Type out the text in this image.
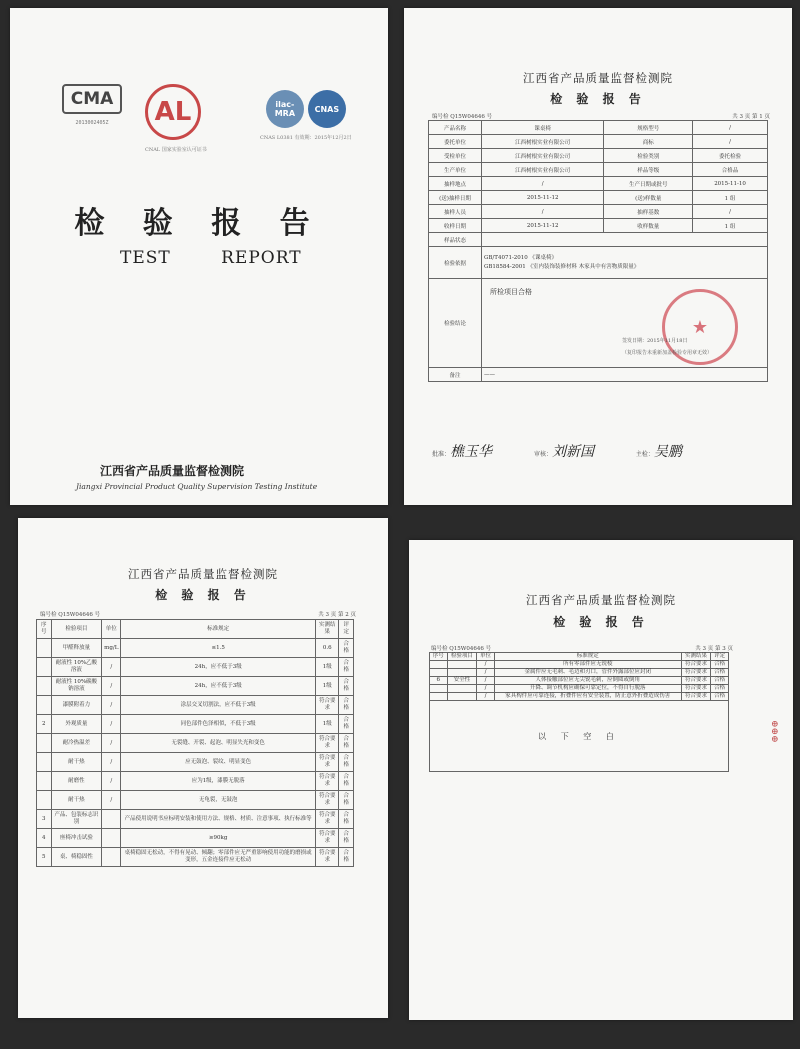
CMA
2013002405Z	AL
CNAL 国家实验室认可证书
ilac-MRA	CNAS
CNAS L0381 有效期：2015年12月2日
检 验 报 告
TEST REPORT
江西省产品质量监督检测院
Jiangxi Provincial Product Quality Supervision Testing Institute
江西省产品质量监督检测院
检 验 报 告
编号检 Q15W04646 号	共 3 页 第 1 页
产品名称	课桌椅	规格型号	/
委托单位	江西树根实业有限公司	商标	/
受检单位	江西树根实业有限公司	检验类别	委托检验
生产单位	江西树根实业有限公司	样品等级	合格品
抽样地点	/	生产日期或批号	2015-11-10
(送)抽样日期	2015-11-12	(送)样数量	1 组
抽样人员	/	抽样基数	/
收样日期	2015-11-12	收样数量	1 组
样品状态			
检验依据	GB/T4071-2010 《课桌椅》
GB18584-2001 《室内装饰装修材料 木家具中有害物质限量》		

检验结论	所检项目合格
★
签发日期：2015年11月18日
（复印报告未重新加盖检验专用章无效）		

备注	——		
批准：樵玉华	审核：刘新国	主检：吴鹏
江西省产品质量监督检测院
检 验 报 告
编号检 Q15W04646 号	共 3 页 第 2 页
序号	检验项目	单位	标准规定	实测结果	评定
	甲醛释放量	mg/L	≤1.5	0.6	合格
	耐液性 10%乙酸溶液	/	24h，应不低于3级	1级	合格
	耐液性 10%碳酸钠溶液	/	24h，应不低于3级	1级	合格
	漆膜附着力	/	涂层交叉切割法，应不低于3级	符合要求	合格
2	外观质量	/	同色部件色泽相似，不低于3级	1级	合格
	耐冷热温差	/	无裂缝、开裂、起泡、明显失光和变色	符合要求	合格
	耐干热	/	应无鼓泡、裂纹、明显变色	符合要求	合格
	耐磨性	/	应为1级，漆膜无脱落	符合要求	合格
	耐干热	/	无龟裂，无鼓泡	符合要求	合格
3	产品、包装标志识别		产品使用说明书应标明安装和使用方法、规格、材质、注意事项、执行标准等	符合要求	合格
4	座椅冲击试验		≥90kg	符合要求	合格
5	桌、椅稳固性		桌椅稳固无松动，不得有晃动、倾翻；零部件应无严重影响使用功能的磨损或变形，五金连接件应无松动	符合要求	合格
江西省产品质量监督检测院
检 验 报 告
编号检 Q15W04646 号	共 3 页 第 3 页
序号	检验项目	单位	标准规定	实测结果	评定
		/	所有零部件应无锐棱	符合要求	合格
		/	金属件应无毛刺、毛边和刃口，管件外露部位应封闭	符合要求	合格
6	安全性	/	人体接触部位应无尖锐毛刺，应倒圆或倒角	符合要求	合格
		/	升降、调节机构应确保可靠定位，不得自行脱落	符合要求	合格
		/	家具构件应可靠连接，折叠件应有安全装置，防止意外折叠造成伤害	符合要求	合格
以 下 空 白						⊕⊕⊕
